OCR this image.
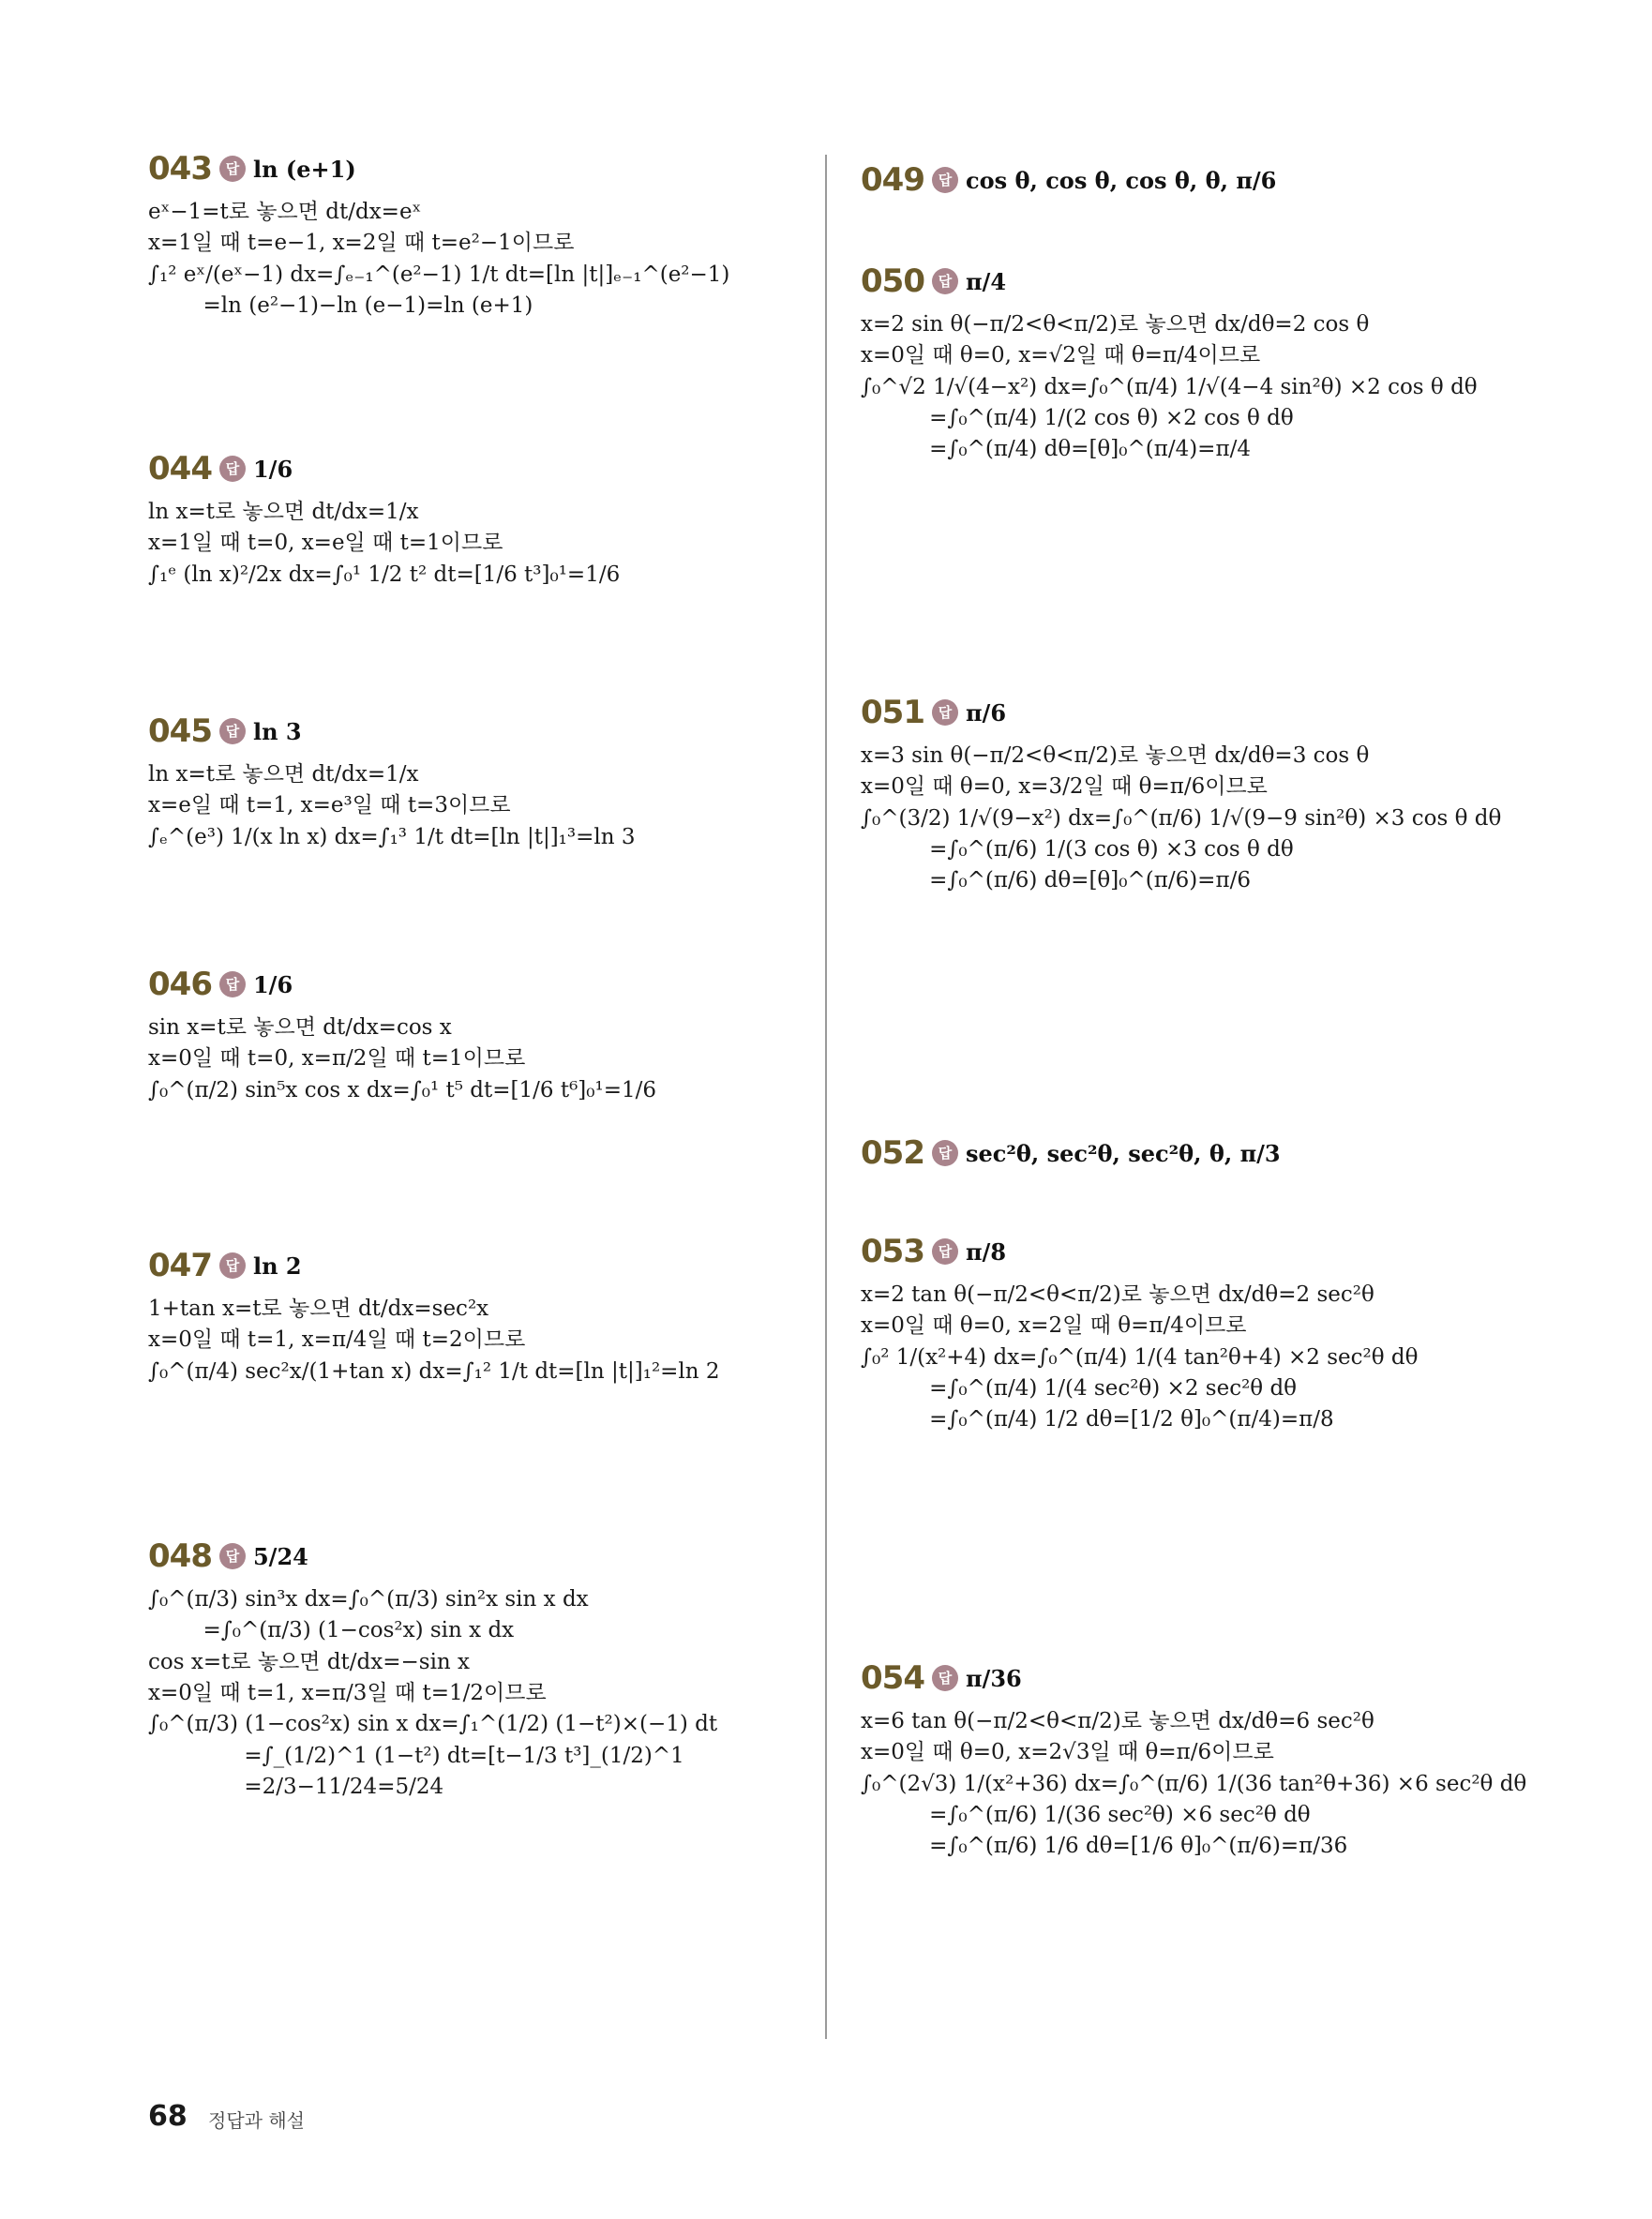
043 답 ln (e+1)
eˣ−1=t로 놓으면 dt/dx=eˣ
x=1일 때 t=e−1, x=2일 때 t=e²−1이므로
∫₁² eˣ/(eˣ−1) dx=∫ₑ₋₁^(e²−1) 1/t dt=[ln |t|]ₑ₋₁^(e²−1)
=ln (e²−1)−ln (e−1)=ln (e+1)
044 답 1/6
ln x=t로 놓으면 dt/dx=1/x
x=1일 때 t=0, x=e일 때 t=1이므로
∫₁ᵉ (ln x)²/2x dx=∫₀¹ 1/2 t² dt=[1/6 t³]₀¹=1/6
045 답 ln 3
ln x=t로 놓으면 dt/dx=1/x
x=e일 때 t=1, x=e³일 때 t=3이므로
∫ₑ^(e³) 1/(x ln x) dx=∫₁³ 1/t dt=[ln |t|]₁³=ln 3
046 답 1/6
sin x=t로 놓으면 dt/dx=cos x
x=0일 때 t=0, x=π/2일 때 t=1이므로
∫₀^(π/2) sin⁵x cos x dx=∫₀¹ t⁵ dt=[1/6 t⁶]₀¹=1/6
047 답 ln 2
1+tan x=t로 놓으면 dt/dx=sec²x
x=0일 때 t=1, x=π/4일 때 t=2이므로
∫₀^(π/4) sec²x/(1+tan x) dx=∫₁² 1/t dt=[ln |t|]₁²=ln 2
048 답 5/24
∫₀^(π/3) sin³x dx=∫₀^(π/3) sin²x sin x dx
=∫₀^(π/3) (1−cos²x) sin x dx
cos x=t로 놓으면 dt/dx=−sin x
x=0일 때 t=1, x=π/3일 때 t=1/2이므로
∫₀^(π/3) (1−cos²x) sin x dx=∫₁^(1/2) (1−t²)×(−1) dt
=∫_(1/2)^1 (1−t²) dt=[t−1/3 t³]_(1/2)^1
=2/3−11/24=5/24
049 답 cos θ, cos θ, cos θ, θ, π/6
050 답 π/4
x=2 sin θ(−π/2<θ<π/2)로 놓으면 dx/dθ=2 cos θ
x=0일 때 θ=0, x=√2일 때 θ=π/4이므로
∫₀^√2 1/√(4−x²) dx=∫₀^(π/4) 1/√(4−4 sin²θ) ×2 cos θ dθ
=∫₀^(π/4) 1/(2 cos θ) ×2 cos θ dθ
=∫₀^(π/4) dθ=[θ]₀^(π/4)=π/4
051 답 π/6
x=3 sin θ(−π/2<θ<π/2)로 놓으면 dx/dθ=3 cos θ
x=0일 때 θ=0, x=3/2일 때 θ=π/6이므로
∫₀^(3/2) 1/√(9−x²) dx=∫₀^(π/6) 1/√(9−9 sin²θ) ×3 cos θ dθ
=∫₀^(π/6) 1/(3 cos θ) ×3 cos θ dθ
=∫₀^(π/6) dθ=[θ]₀^(π/6)=π/6
052 답 sec²θ, sec²θ, sec²θ, θ, π/3
053 답 π/8
x=2 tan θ(−π/2<θ<π/2)로 놓으면 dx/dθ=2 sec²θ
x=0일 때 θ=0, x=2일 때 θ=π/4이므로
∫₀² 1/(x²+4) dx=∫₀^(π/4) 1/(4 tan²θ+4) ×2 sec²θ dθ
=∫₀^(π/4) 1/(4 sec²θ) ×2 sec²θ dθ
=∫₀^(π/4) 1/2 dθ=[1/2 θ]₀^(π/4)=π/8
054 답 π/36
x=6 tan θ(−π/2<θ<π/2)로 놓으면 dx/dθ=6 sec²θ
x=0일 때 θ=0, x=2√3일 때 θ=π/6이므로
∫₀^(2√3) 1/(x²+36) dx=∫₀^(π/6) 1/(36 tan²θ+36) ×6 sec²θ dθ
=∫₀^(π/6) 1/(36 sec²θ) ×6 sec²θ dθ
=∫₀^(π/6) 1/6 dθ=[1/6 θ]₀^(π/6)=π/36
68 정답과 해설
